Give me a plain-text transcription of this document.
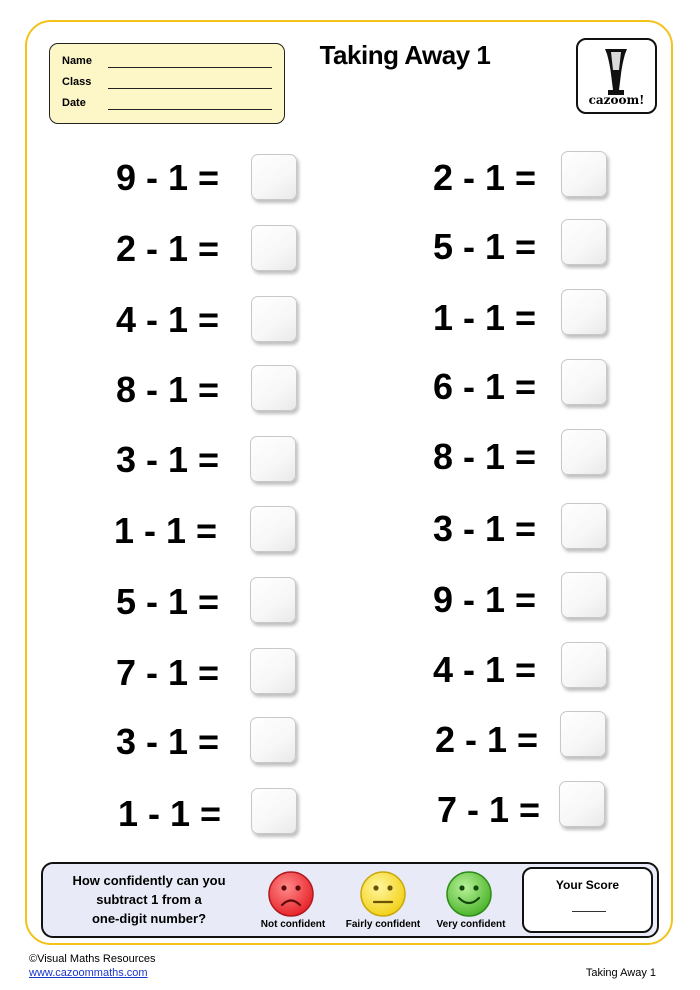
Name
Class
Date
Taking Away 1
cazoom!
9 - 1 =
2 - 1 =
4 - 1 =
8 - 1 =
3 - 1 =
1 - 1 =
5 - 1 =
7 - 1 =
3 - 1 =
1 - 1 =
2 - 1 =
5 - 1 =
1 - 1 =
6 - 1 =
8 - 1 =
3 - 1 =
9 - 1 =
4 - 1 =
2 - 1 =
7 - 1 =
How confidently can you
subtract 1 from a
one-digit number?	Not confident	Fairly confident	Very confident
Your Score
©Visual Maths Resources
www.cazoommaths.com	Taking Away 1
